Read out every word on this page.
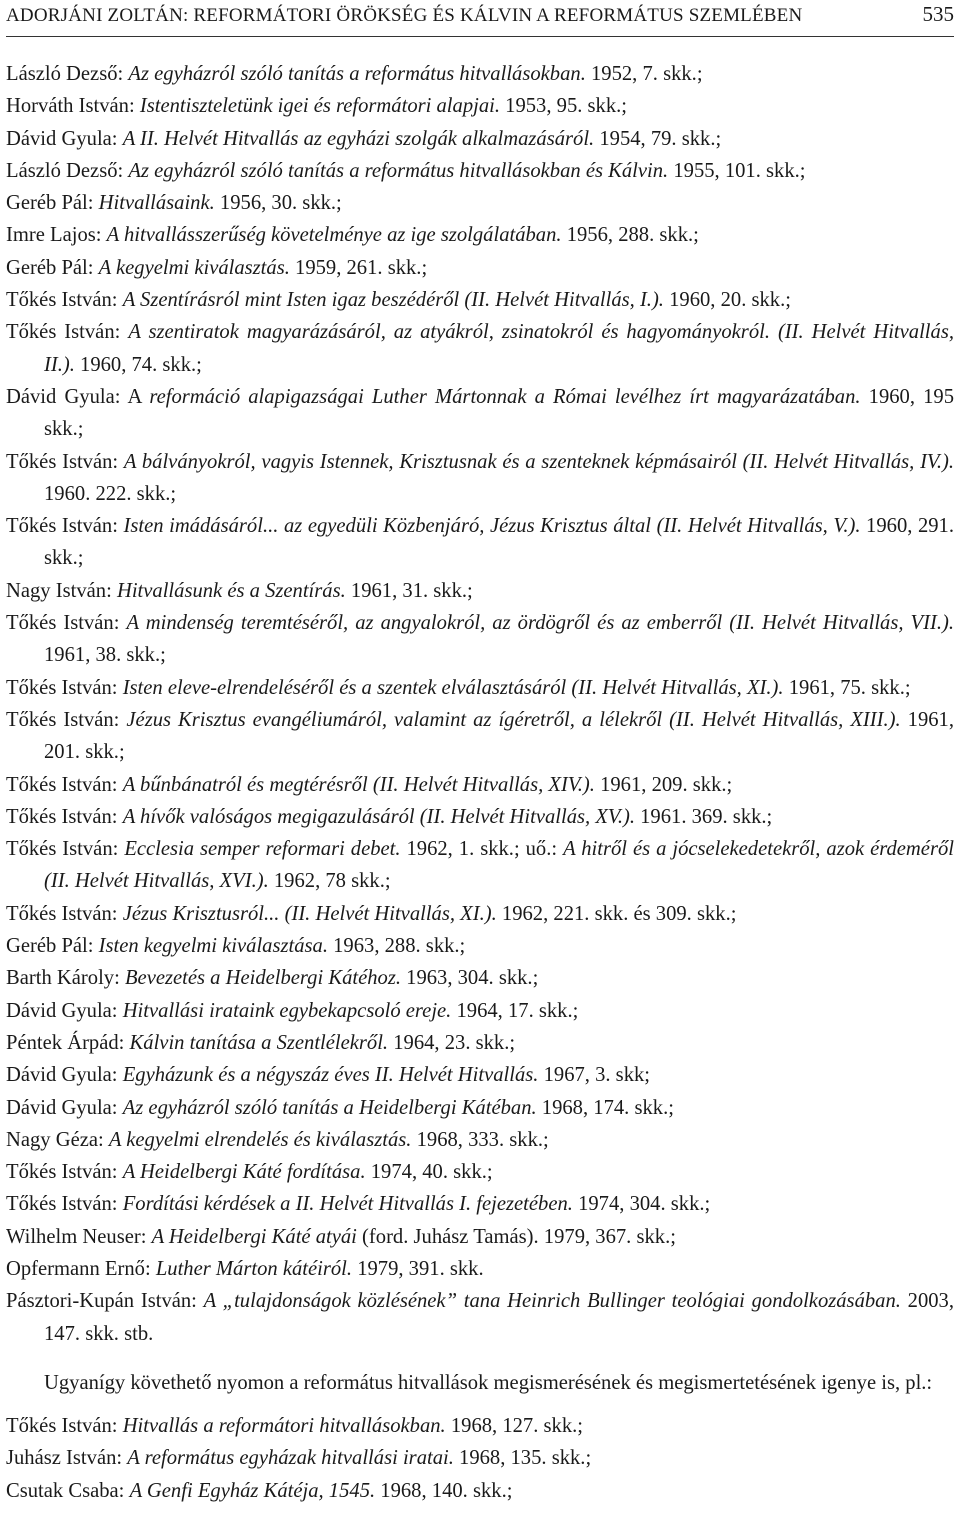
ADORJÁNI ZOLTÁN: REFORMÁTORI ÖRÖKSÉG ÉS KÁLVIN A REFORMÁTUS SZEMLÉBEN	535

László Dezső: Az egyházról szóló tanítás a református hitvallásokban. 1952, 7. skk.;

Horváth István: Istentiszteletünk igei és reformátori alapjai. 1953, 95. skk.;

Dávid Gyula: A II. Helvét Hitvallás az egyházi szolgák alkalmazásáról. 1954, 79. skk.;

László Dezső: Az egyházról szóló tanítás a református hitvallásokban és Kálvin. 1955, 101. skk.;

Geréb Pál: Hitvallásaink. 1956, 30. skk.;

Imre Lajos: A hitvallásszerűség követelménye az ige szolgálatában. 1956, 288. skk.;

Geréb Pál: A kegyelmi kiválasztás. 1959, 261. skk.;

Tőkés István: A Szentírásról mint Isten igaz beszédéről (II. Helvét Hitvallás, I.). 1960, 20. skk.;

Tőkés István: A szentiratok magyarázásáról, az atyákról, zsinatokról és hagyományokról. (II. Helvét Hitvallás, II.). 1960, 74. skk.;

Dávid Gyula: A reformáció alapigazságai Luther Mártonnak a Római levélhez írt magyarázatában. 1960, 195 skk.;

Tőkés István: A bálványokról, vagyis Istennek, Krisztusnak és a szenteknek képmásairól (II. Helvét Hitvallás, IV.). 1960. 222. skk.;

Tőkés István: Isten imádásáról... az egyedüli Közbenjáró, Jézus Krisztus által (II. Helvét Hitvallás, V.). 1960, 291. skk.;

Nagy István: Hitvallásunk és a Szentírás. 1961, 31. skk.;

Tőkés István: A mindenség teremtéséről, az angyalokról, az ördögről és az emberről (II. Helvét Hitvallás, VII.). 1961, 38. skk.;

Tőkés István: Isten eleve-elrendeléséről és a szentek elválasztásáról (II. Helvét Hitvallás, XI.). 1961, 75. skk.;

Tőkés István: Jézus Krisztus evangéliumáról, valamint az ígéretről, a lélekről (II. Helvét Hitvallás, XIII.). 1961, 201. skk.;

Tőkés István: A bűnbánatról és megtérésről (II. Helvét Hitvallás, XIV.). 1961, 209. skk.;

Tőkés István: A hívők valóságos megigazulásáról (II. Helvét Hitvallás, XV.). 1961. 369. skk.;

Tőkés István: Ecclesia semper reformari debet. 1962, 1. skk.; uő.: A hitről és a jócselekedetekről, azok érdeméről (II. Helvét Hitvallás, XVI.). 1962, 78 skk.;

Tőkés István: Jézus Krisztusról... (II. Helvét Hitvallás, XI.). 1962, 221. skk. és 309. skk.;

Geréb Pál: Isten kegyelmi kiválasztása. 1963, 288. skk.;

Barth Károly: Bevezetés a Heidelbergi Kátéhoz. 1963, 304. skk.;

Dávid Gyula: Hitvallási irataink egybekapcsoló ereje. 1964, 17. skk.;

Péntek Árpád: Kálvin tanítása a Szentlélekről. 1964, 23. skk.;

Dávid Gyula: Egyházunk és a négyszáz éves II. Helvét Hitvallás. 1967, 3. skk;

Dávid Gyula: Az egyházról szóló tanítás a Heidelbergi Kátéban. 1968, 174. skk.;

Nagy Géza: A kegyelmi elrendelés és kiválasztás. 1968, 333. skk.;

Tőkés István: A Heidelbergi Káté fordítása. 1974, 40. skk.;

Tőkés István: Fordítási kérdések a II. Helvét Hitvallás I. fejezetében. 1974, 304. skk.;

Wilhelm Neuser: A Heidelbergi Káté atyái (ford. Juhász Tamás). 1979, 367. skk.;

Opfermann Ernő: Luther Márton kátéiról. 1979, 391. skk.

Pásztori-Kupán István: A „tulajdonságok közlésének” tana Heinrich Bullinger teológiai gondolkozásában. 2003, 147. skk. stb.

Ugyanígy követhető nyomon a református hitvallások megismerésének és megismertetésének igenye is, pl.:

Tőkés István: Hitvallás a reformátori hitvallásokban. 1968, 127. skk.;

Juhász István: A református egyházak hitvallási iratai. 1968, 135. skk.;

Csutak Csaba: A Genfi Egyház Kátéja, 1545. 1968, 140. skk.;
